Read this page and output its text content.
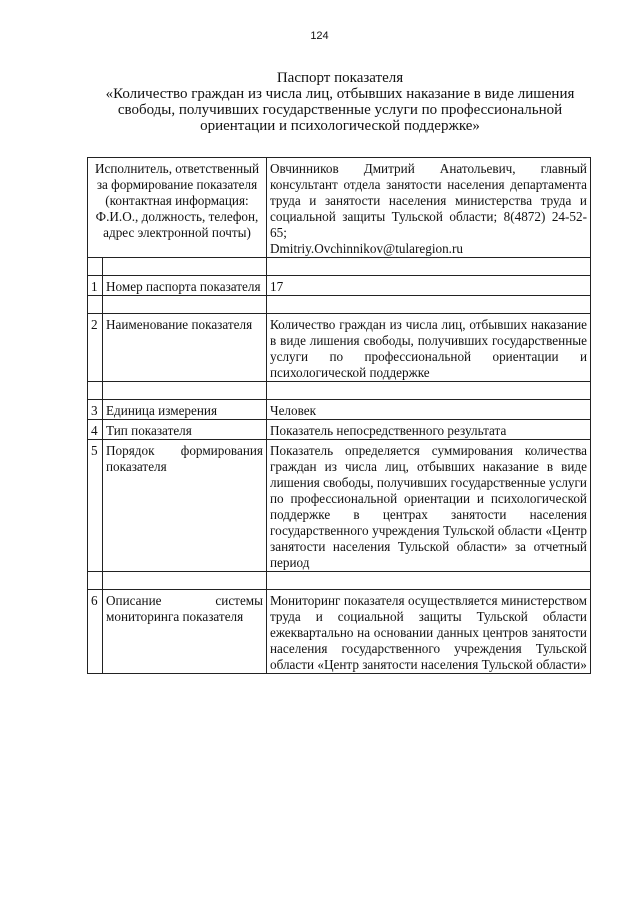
124
Паспорт показателя
«Количество граждан из числа лиц, отбывших наказание в виде лишения
свободы, получивших государственные услуги по профессиональной
ориентации и психологической поддержке»
Исполнитель, ответственный за формирование показателя (контактная информация: Ф.И.О., должность, телефон, адрес электронной почты)		Овчинников Дмитрий Анатольевич, главный консультант отдела занятости населения департамента труда и занятости населения министерства труда и социальной защиты Тульской области; 8(4872) 24-52-65;
Dmitriy.Ovchinnikov@tularegion.ru

1	Номер паспорта показателя	17

2	Наименование показателя	Количество граждан из числа лиц, отбывших наказание в виде лишения свободы, получивших государственные услуги по профессиональной ориентации и психологической поддержке

3	Единица измерения	Человек
4	Тип показателя	Показатель непосредственного результата
5	Порядок формирования показателя	Показатель определяется суммирования количества граждан из числа лиц, отбывших наказание в виде лишения свободы, получивших государственные услуги по профессиональной ориентации и психологической поддержке в центрах занятости населения государственного учреждения Тульской области «Центр занятости населения Тульской области» за отчетный период

6	Описание системы мониторинга показателя	Мониторинг показателя осуществляется министерством труда и социальной защиты Тульской области ежеквартально на основании данных центров занятости населения государственного учреждения Тульской области «Центр занятости населения Тульской области»
